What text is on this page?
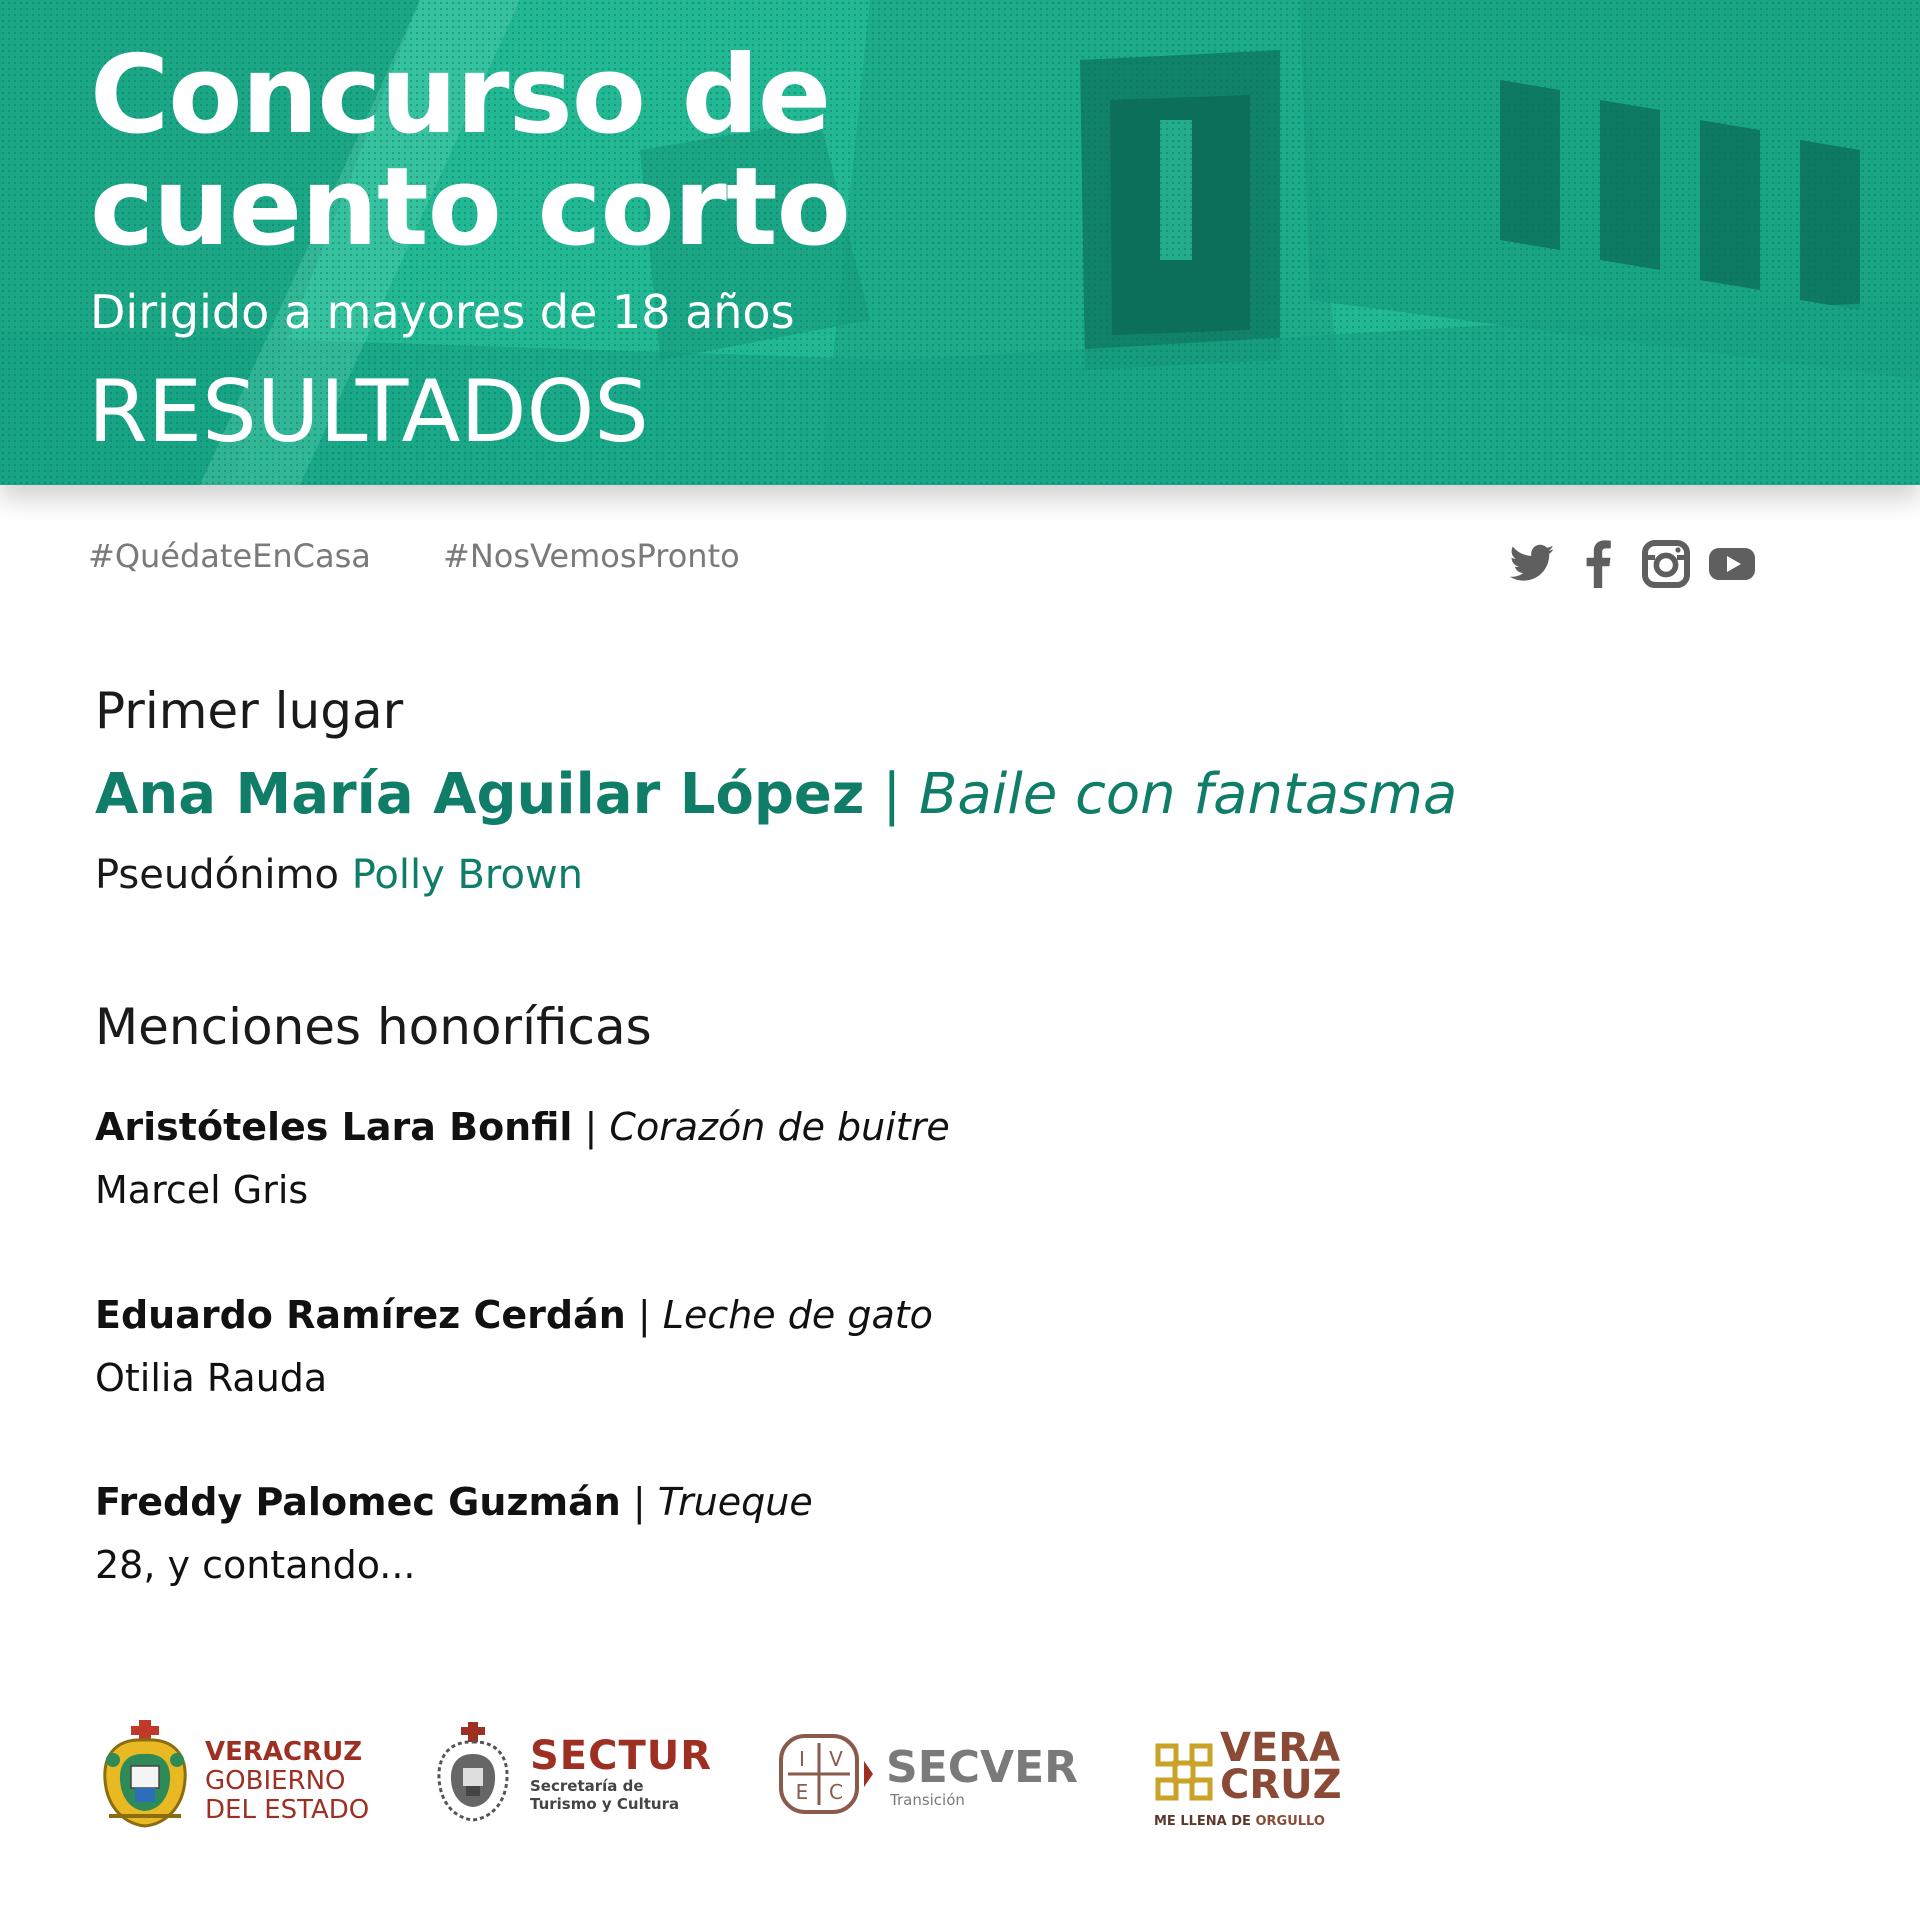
Concurso de
cuento corto
Dirigido a mayores de 18 años
RESULTADOS
#QuédateEnCasa #NosVemosPronto
Primer lugar
Ana María Aguilar López | Baile con fantasma
Pseudónimo Polly Brown
Menciones honoríficas
Aristóteles Lara Bonfil | Corazón de buitre
Marcel Gris
Eduardo Ramírez Cerdán | Leche de gato
Otilia Rauda
Freddy Palomec Guzmán | Trueque
28, y contando...
VERACRUZ
GOBIERNO
DEL ESTADO
SECTUR
Secretaría de
Turismo y Cultura
I V
E C SECVER
Transición
VERA
CRUZ
ME LLENA DE ORGULLO
